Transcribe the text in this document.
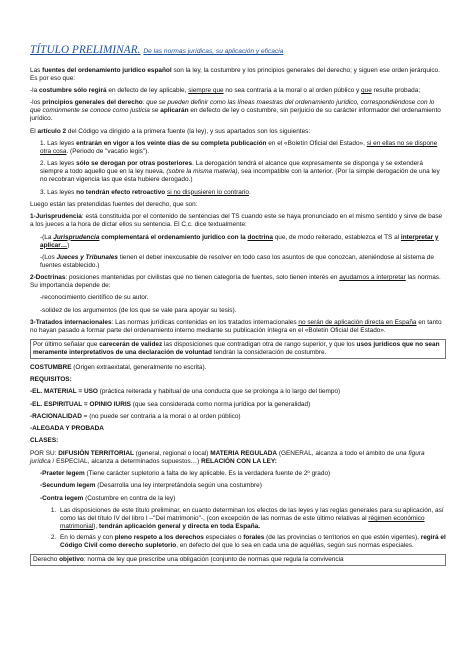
TÍTULO PRELIMINAR. De las normas jurídicas, su aplicación y eficacia

Las fuentes del ordenamiento jurídico español son la ley, la costumbre y los principios generales del derecho; y siguen ese orden jerárquico. Es por eso que:

-la costumbre sólo regirá en defecto de ley aplicable, siempre que no sea contraria a la moral o al orden público y que resulte probada;

-los principios generales del derecho: que se pueden definir como las líneas maestras del ordenamiento jurídico, correspondiéndose con lo que comúnmente se conoce como justicia se aplicarán en defecto de ley o costumbre, sin perjuicio de su carácter informador del ordenamiento jurídico.

El artículo 2 del Código va dirigido a la primera fuente (la ley), y sus apartados son los siguientes:

1. Las leyes entrarán en vigor a los veinte días de su completa publicación en el «Boletín Oficial del Estado», si en ellas no se dispone otra cosa. (Periodo de "vacatio legis").

2. Las leyes sólo se derogan por otras posteriores. La derogación tendrá el alcance que expresamente se disponga y se extenderá siempre a todo aquello que en la ley nueva, (sobre la misma materia), sea incompatible con la anterior. (Por la simple derogación de una ley no recobran vigencia las que ésta hubiere derogado.)

3. Las leyes no tendrán efecto retroactivo si no dispusieren lo contrario.

Luego están las pretendidas fuentes del derecho, que son:

1-Jurisprudencia: está constituida por el contenido de sentencias del TS cuando este se haya pronunciado en el mismo sentido y sirve de base a los jueces a la hora de dictar ellos su sentencia. El C.c. dice textualmente:

-(La Jurisprudencia complementará el ordenamiento jurídico con la doctrina que, de modo reiterado, establezca el TS al interpretar y aplicar…)

-(Los Jueces y Tribunales tienen el deber inexcusable de resolver en todo caso los asuntos de que conozcan, ateniéndose al sistema de fuentes establecido.)

2-Doctrinas: posiciones mantenidas por civilistas que no tienen categoría de fuentes, solo tienen interés en ayudarnos a interpretar las normas. Su importancia depende de:

-reconocimiento científico de su autor.

-solidez de los argumentos (de los que se vale para apoyar su tesis).

3-Tratados internacionales: Las normas jurídicas contenidas en los tratados internacionales no serán de aplicación directa en España en tanto no hayan pasado a formar parte del ordenamiento interno mediante su publicación íntegra en el «Boletín Oficial del Estado».

Por último señalar que carecerán de validez las disposiciones que contradigan otra de rango superior, y que los usos jurídicos que no sean meramente interpretativos de una declaración de voluntad tendrán la consideración de costumbre.

COSTUMBRE (Origen extraextatal, generalmente no escrita).

REQUISITOS:

-EL. MATERIAL = USO (práctica reiterada y habitual de una conducta que se prolonga a lo largo del tiempo)

-EL. ESPIRITUAL = OPINIO IURIS (que sea considerada como norma jurídica por la generalidad)

-RACIONALIDAD = (no puede ser contraria a la moral o al orden público)

-ALEGADA Y PROBADA

CLASES:

POR SU: DIFUSIÓN TERRITORIAL (general, regional o local) MATERIA REGULADA (GENERAL, alcanza a todo el ámbito de una figura jurídica / ESPECIAL, alcanza a determinados supuestos…) RELACIÓN CON LA LEY:

-Praeter legem (Tiene carácter supletorio a falta de ley aplicable. Es la verdadera fuente de 2º grado)

-Secundum legem (Desarrolla una ley interpretándola según una costumbre)

-Contra legem (Costumbre en contra de la ley)

1. Las disposiciones de este título preliminar, en cuanto determinan los efectos de las leyes y las reglas generales para su aplicación, así como las del título IV del libro I –"Del matrimonio"-, (con excepción de las normas de este último relativas al régimen económico matrimonial), tendrán aplicación general y directa en toda España.
2. En lo demás y con pleno respeto a los derechos especiales o forales (de las provincias o territorios en que estén vigentes), regirá el Código Civil como derecho supletorio, en defecto del que lo sea en cada una de aquéllas, según sus normas especiales.
Derecho objetivo: norma de ley que prescribe una obligación (conjunto de normas que regula la convivencia
